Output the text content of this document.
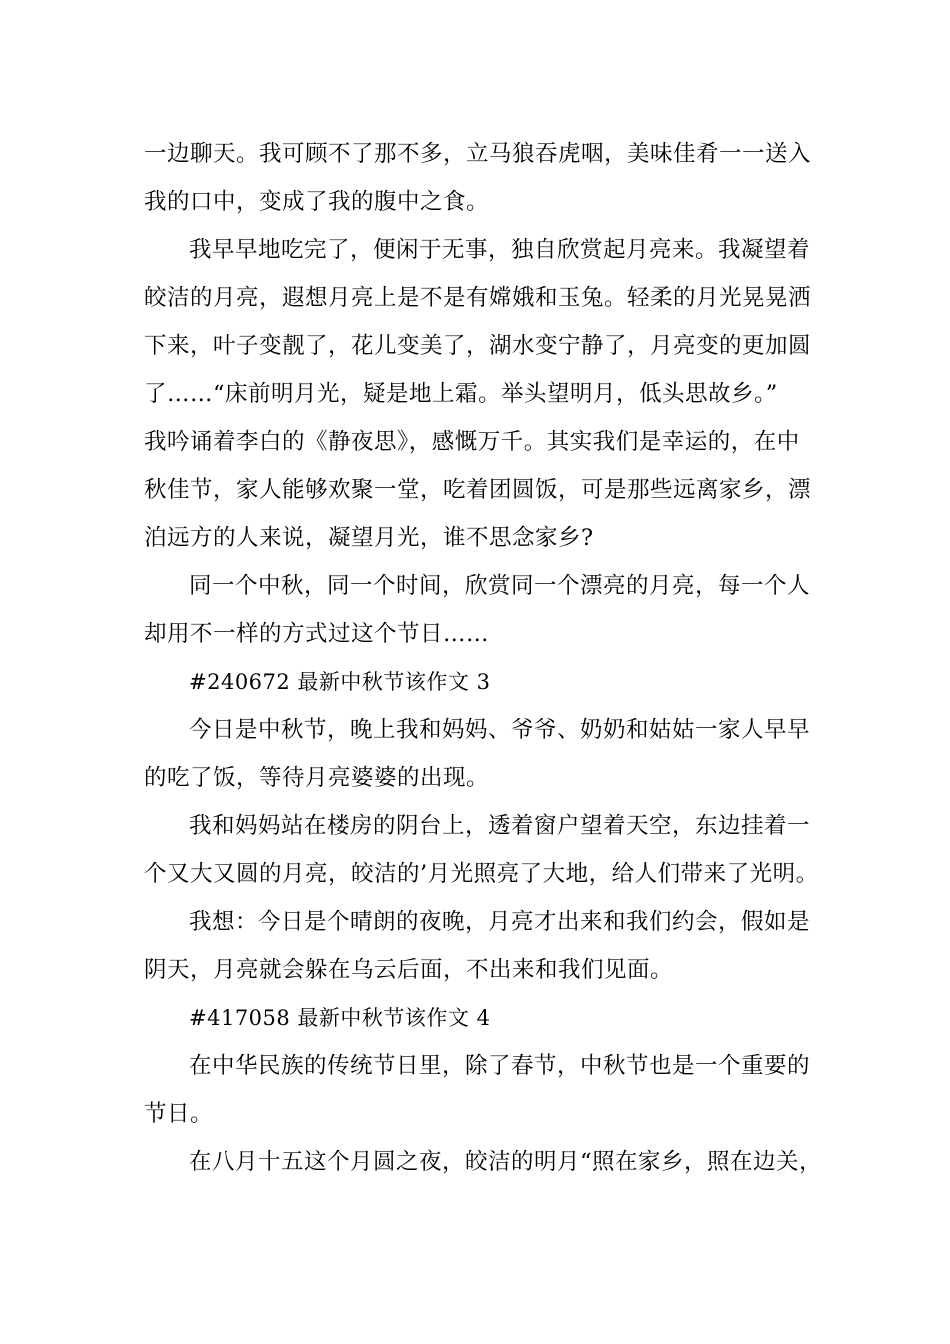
一边聊天。我可顾不了那不多，立马狼吞虎咽，美味佳肴一一送入
我的口中，变成了我的腹中之食。
我早早地吃完了，便闲于无事，独自欣赏起月亮来。我凝望着
皎洁的月亮，遐想月亮上是不是有嫦娥和玉兔。轻柔的月光晃晃洒
下来，叶子变靓了，花儿变美了，湖水变宁静了，月亮变的更加圆
了……“床前明月光，疑是地上霜。举头望明月，低头思故乡。”
我吟诵着李白的《静夜思》，感慨万千。其实我们是幸运的，在中
秋佳节，家人能够欢聚一堂，吃着团圆饭，可是那些远离家乡，漂
泊远方的人来说，凝望月光，谁不思念家乡?
同一个中秋，同一个时间，欣赏同一个漂亮的月亮，每一个人
却用不一样的方式过这个节日……
#240672 最新中秋节该作文 3
今日是中秋节，晚上我和妈妈、爷爷、奶奶和姑姑一家人早早
的吃了饭，等待月亮婆婆的出现。
我和妈妈站在楼房的阴台上，透着窗户望着天空，东边挂着一
个又大又圆的月亮，皎洁的’月光照亮了大地，给人们带来了光明。
我想：今日是个晴朗的夜晚，月亮才出来和我们约会，假如是
阴天，月亮就会躲在乌云后面，不出来和我们见面。
#417058 最新中秋节该作文 4
在中华民族的传统节日里，除了春节，中秋节也是一个重要的
节日。
在八月十五这个月圆之夜，皎洁的明月“照在家乡，照在边关，
